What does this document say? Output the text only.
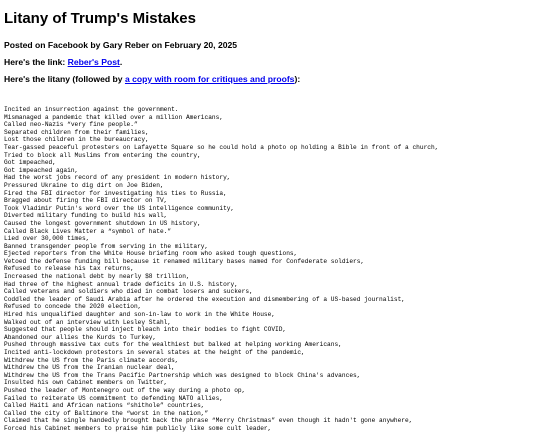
Litany of Trump's Mistakes

Posted on Facebook by Gary Reber on February 20, 2025

Here's the link: Reber's Post.

Here's the litany (followed by a copy with room for critiques and proofs):

Incited an insurrection against the government.
Mismanaged a pandemic that killed over a million Americans,
Called neo-Nazis “very fine people.”
Separated children from their families,
Lost those children in the bureaucracy,
Tear-gassed peaceful protesters on Lafayette Square so he could hold a photo op holding a Bible in front of a church,
Tried to block all Muslims from entering the country,
Got impeached,
Got impeached again,
Had the worst jobs record of any president in modern history,
Pressured Ukraine to dig dirt on Joe Biden,
Fired the FBI director for investigating his ties to Russia,
Bragged about firing the FBI director on TV,
Took Vladimir Putin's word over the US intelligence community,
Diverted military funding to build his wall,
Caused the longest government shutdown in US history,
Called Black Lives Matter a “symbol of hate.”
Lied over 30,000 times,
Banned transgender people from serving in the military,
Ejected reporters from the White House briefing room who asked tough questions,
Vetoed the defense funding bill because it renamed military bases named for Confederate soldiers,
Refused to release his tax returns,
Increased the national debt by nearly $8 trillion,
Had three of the highest annual trade deficits in U.S. history,
Called veterans and soldiers who died in combat losers and suckers,
Coddled the leader of Saudi Arabia after he ordered the execution and dismembering of a US-based journalist,
Refused to concede the 2020 election,
Hired his unqualified daughter and son-in-law to work in the White House,
Walked out of an interview with Lesley Stahl,
Suggested that people should inject bleach into their bodies to fight COVID,
Abandoned our allies the Kurds to Turkey,
Pushed through massive tax cuts for the wealthiest but balked at helping working Americans,
Incited anti-lockdown protestors in several states at the height of the pandemic,
Withdrew the US from the Paris climate accords,
Withdrew the US from the Iranian nuclear deal,
Withdrew the US from the Trans Pacific Partnership which was designed to block China's advances,
Insulted his own Cabinet members on Twitter,
Pushed the leader of Montenegro out of the way during a photo op,
Failed to reiterate US commitment to defending NATO allies,
Called Haiti and African nations “shithole” countries,
Called the city of Baltimore the “worst in the nation,”
Claimed that he single handedly brought back the phrase “Merry Christmas” even though it hadn't gone anywhere,
Forced his Cabinet members to praise him publicly like some cult leader,
